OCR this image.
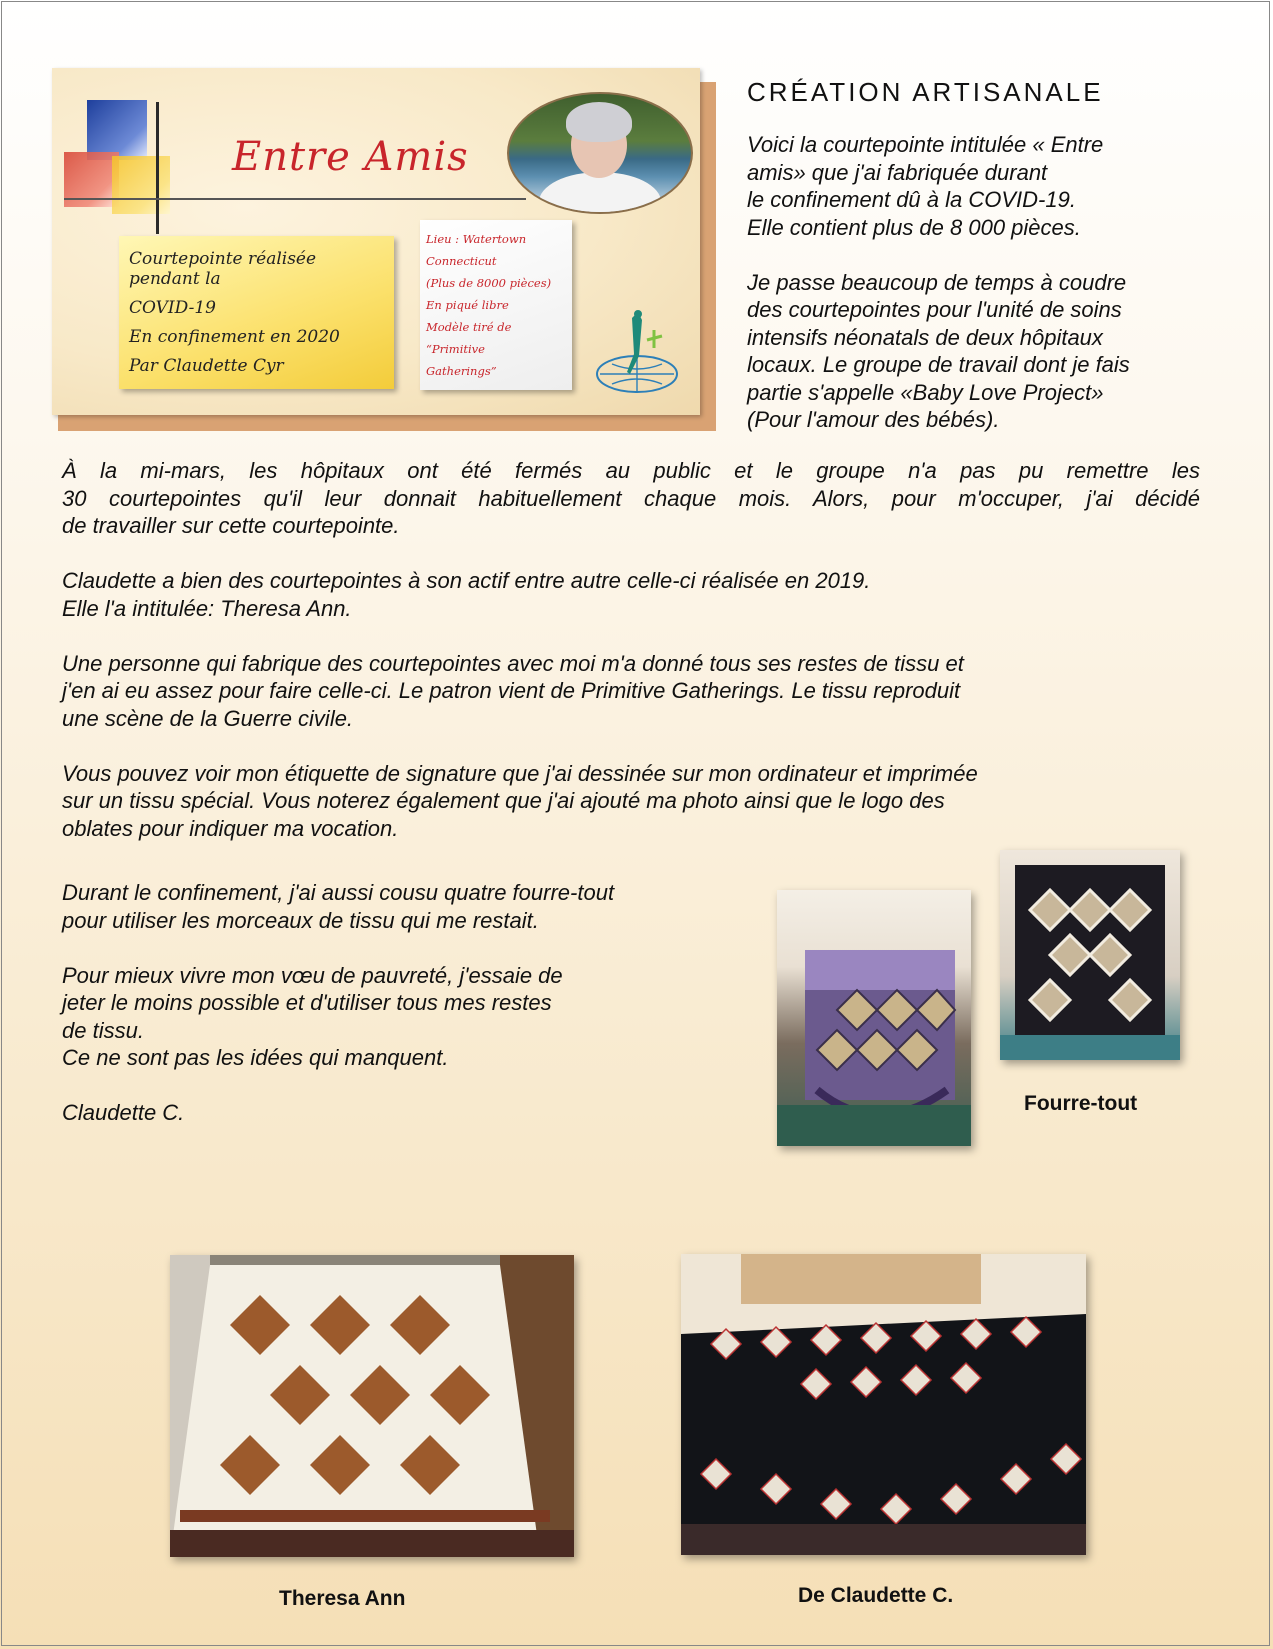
Entre Amis
Courtepointe réalisée pendant la
COVID-19
En confinement en 2020
Par Claudette Cyr
Lieu : Watertown
Connecticut
(Plus de 8000 pièces)
En piqué libre
Modèle tiré de “Primitive
Gatherings”
CRÉATION ARTISANALE

Voici la courtepointe intitulée « Entre
amis» que j'ai fabriquée durant
le confinement dû à la COVID-19.
Elle contient plus de 8 000 pièces.

Je passe beaucoup de temps à coudre
des courtepointes pour l'unité de soins
intensifs néonatals de deux hôpitaux
locaux. Le groupe de travail dont je fais
partie s'appelle «Baby Love Project»
(Pour l'amour des bébés).

À la mi-mars, les hôpitaux ont été fermés au public et le groupe n'a pas pu remettre les
30 courtepointes qu'il leur donnait habituellement chaque mois. Alors, pour m'occuper, j'ai décidé
de travailler sur cette courtepointe.

Claudette a bien des courtepointes à son actif entre autre celle-ci réalisée en 2019.
Elle l'a intitulée: Theresa Ann.

Une personne qui fabrique des courtepointes avec moi m'a donné tous ses restes de tissu et
j'en ai eu assez pour faire celle-ci. Le patron vient de Primitive Gatherings. Le tissu reproduit
une scène de la Guerre civile.

Vous pouvez voir mon étiquette de signature que j'ai dessinée sur mon ordinateur et imprimée
sur un tissu spécial. Vous noterez également que j'ai ajouté ma photo ainsi que le logo des
oblates pour indiquer ma vocation.

Durant le confinement, j'ai aussi cousu quatre fourre-tout
pour utiliser les morceaux de tissu qui me restait.

Pour mieux vivre mon vœu de pauvreté, j'essaie de
jeter le moins possible et d'utiliser tous mes restes
de tissu.
Ce ne sont pas les idées qui manquent.

Claudette C.	Fourre-tout
Theresa Ann	De Claudette C.
